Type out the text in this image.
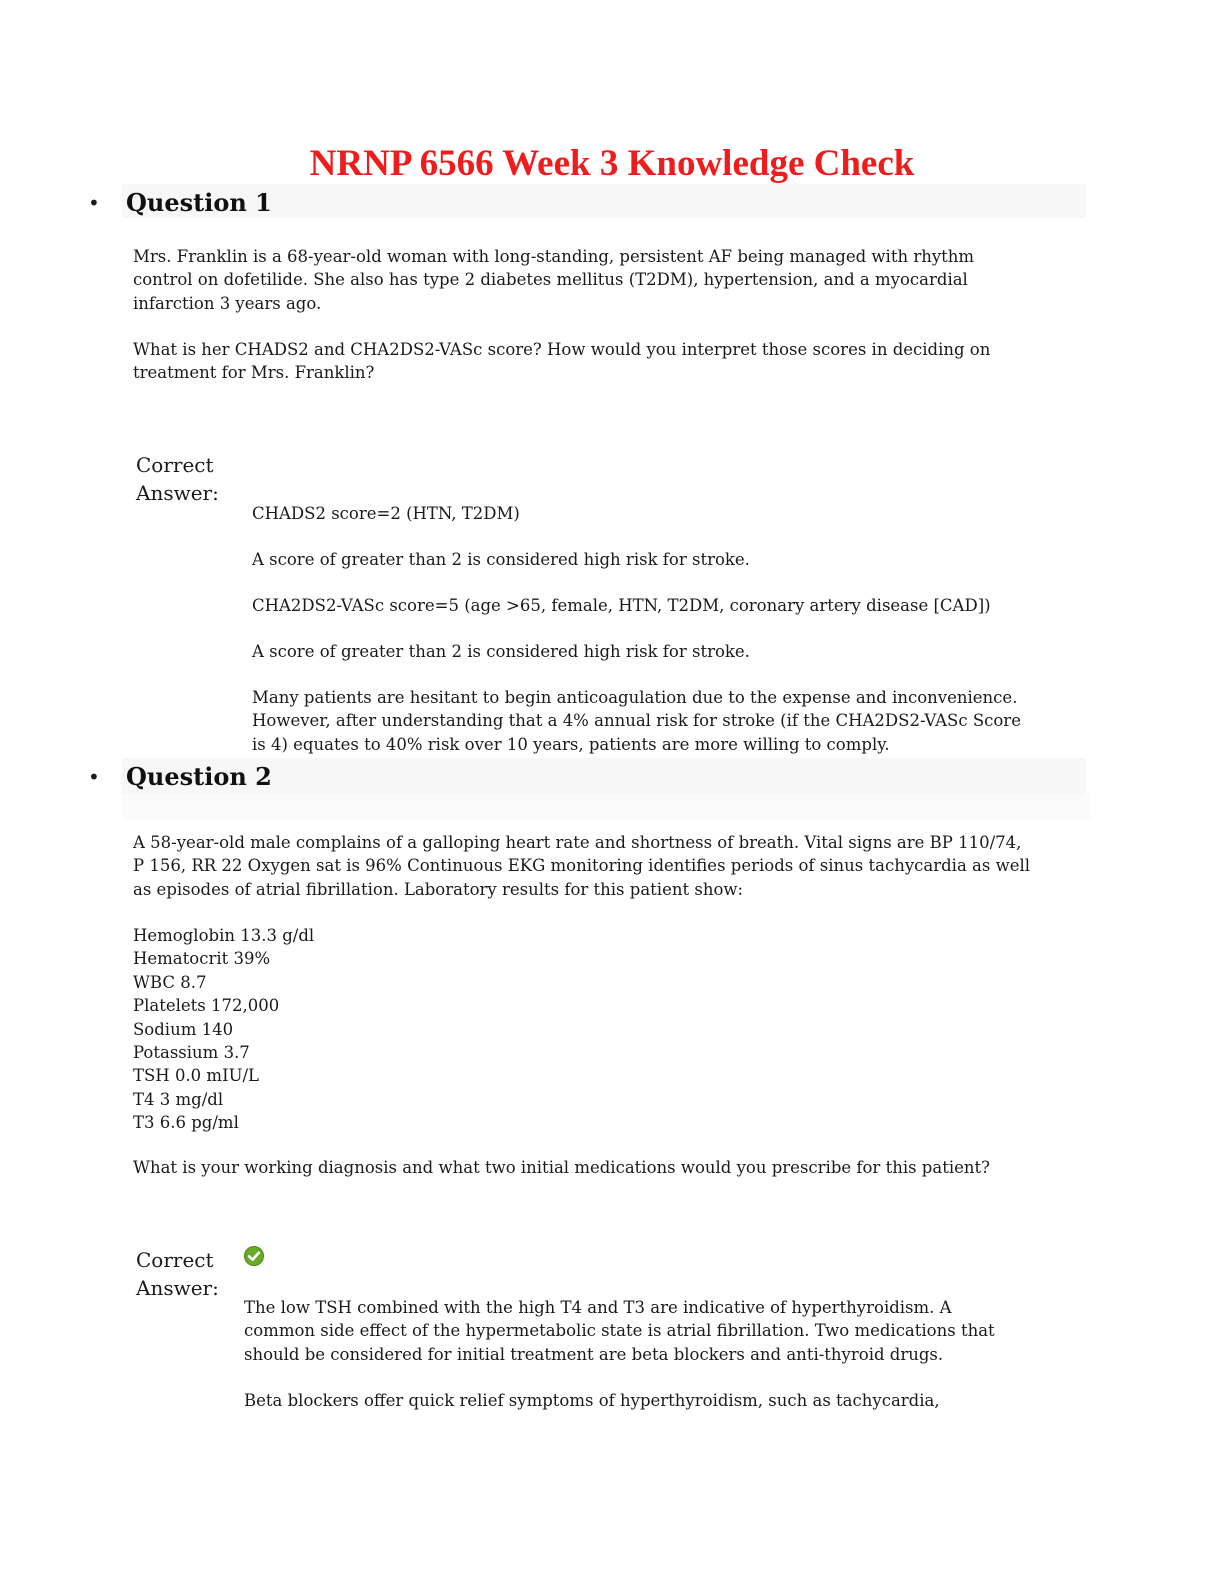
NRNP 6566 Week 3 Knowledge Check
•	Question 1
Mrs. Franklin is a 68-year-old woman with long-standing, persistent AF being managed with rhythm
control on dofetilide. She also has type 2 diabetes mellitus (T2DM), hypertension, and a myocardial
infarction 3 years ago.
What is her CHADS2 and CHA2DS2-VASc score? How would you interpret those scores in deciding on
treatment for Mrs. Franklin?
Correct
Answer:
CHADS2 score=2 (HTN, T2DM)
A score of greater than 2 is considered high risk for stroke.
CHA2DS2-VASc score=5 (age >65, female, HTN, T2DM, coronary artery disease [CAD])
A score of greater than 2 is considered high risk for stroke.
Many patients are hesitant to begin anticoagulation due to the expense and inconvenience.
However, after understanding that a 4% annual risk for stroke (if the CHA2DS2-VASc Score
is 4) equates to 40% risk over 10 years, patients are more willing to comply.
•	Question 2
A 58-year-old male complains of a galloping heart rate and shortness of breath. Vital signs are BP 110/74,
P 156, RR 22 Oxygen sat is 96% Continuous EKG monitoring identifies periods of sinus tachycardia as well
as episodes of atrial fibrillation. Laboratory results for this patient show:
Hemoglobin 13.3 g/dl
Hematocrit 39%
WBC 8.7
Platelets 172,000
Sodium 140
Potassium 3.7
TSH 0.0 mIU/L
T4 3 mg/dl
T3 6.6 pg/ml
What is your working diagnosis and what two initial medications would you prescribe for this patient?
Correct
Answer:
The low TSH combined with the high T4 and T3 are indicative of hyperthyroidism. A
common side effect of the hypermetabolic state is atrial fibrillation. Two medications that
should be considered for initial treatment are beta blockers and anti-thyroid drugs.
Beta blockers offer quick relief symptoms of hyperthyroidism, such as tachycardia,
